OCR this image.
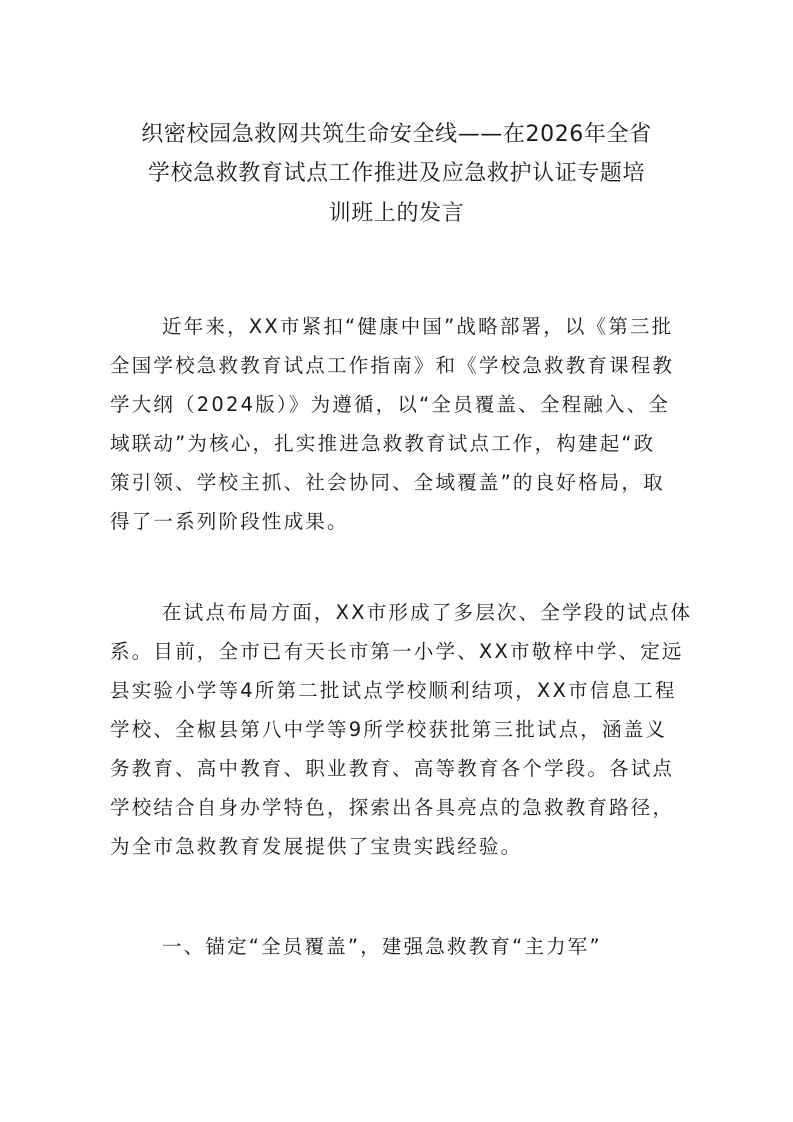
织密校园急救网共筑生命安全线——在2026年全省
学校急救教育试点工作推进及应急救护认证专题培
训班上的发言
近年来，XX市紧扣“健康中国”战略部署，以《第三批
全国学校急救教育试点工作指南》和《学校急救教育课程教
学大纲（2024版）》为遵循，以“全员覆盖、全程融入、全
域联动”为核心，扎实推进急救教育试点工作，构建起“政
策引领、学校主抓、社会协同、全域覆盖”的良好格局，取
得了一系列阶段性成果。
在试点布局方面，XX市形成了多层次、全学段的试点体
系。目前，全市已有天长市第一小学、XX市敬梓中学、定远
县实验小学等4所第二批试点学校顺利结项，XX市信息工程
学校、全椒县第八中学等9所学校获批第三批试点，涵盖义
务教育、高中教育、职业教育、高等教育各个学段。各试点
学校结合自身办学特色，探索出各具亮点的急救教育路径，
为全市急救教育发展提供了宝贵实践经验。
一、锚定“全员覆盖”，建强急救教育“主力军”
